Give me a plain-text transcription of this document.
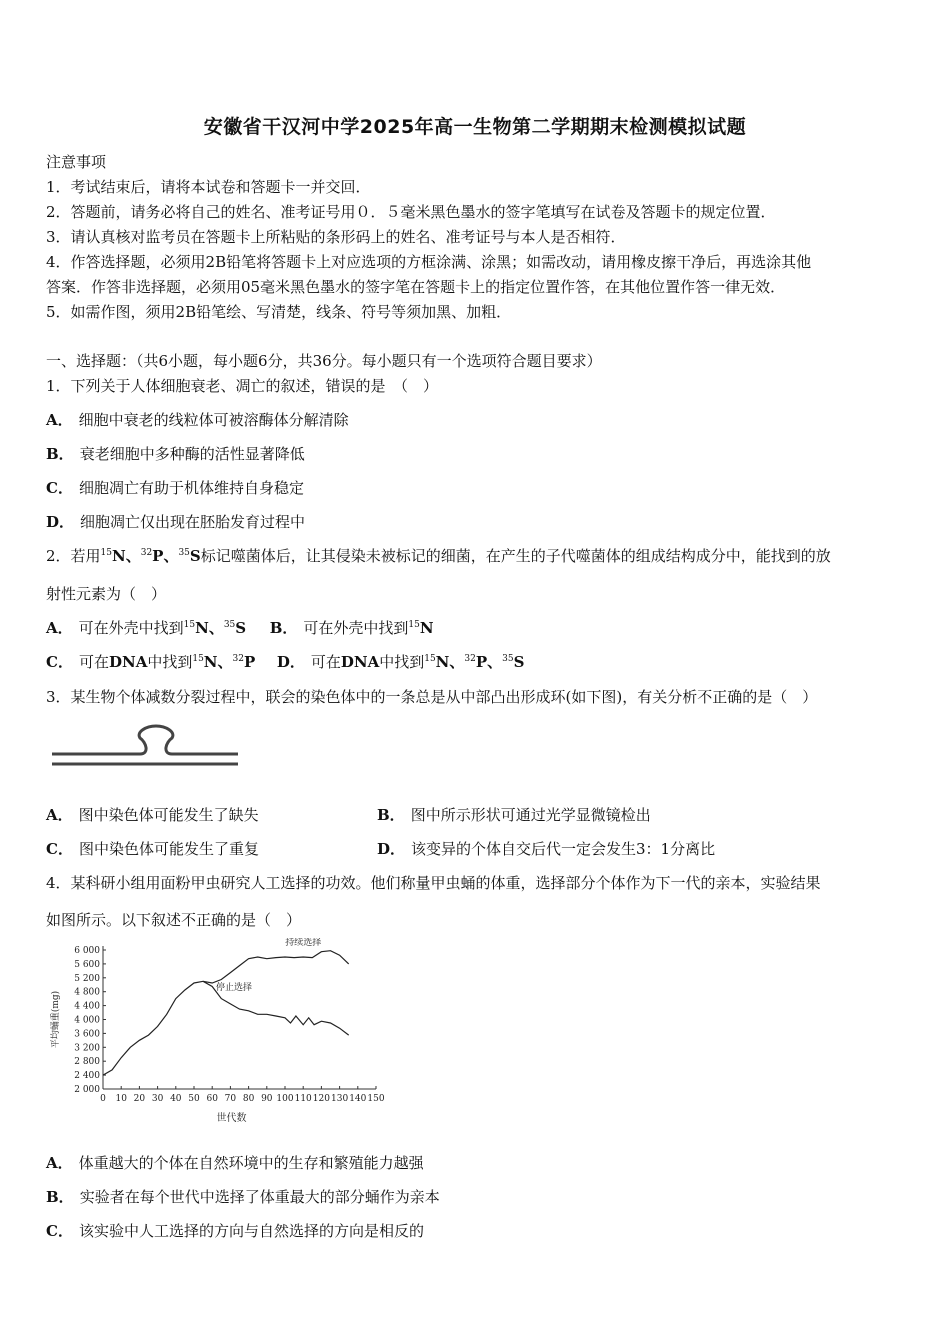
安徽省干汉河中学2025年高一生物第二学期期末检测模拟试题
注意事项
1．考试结束后，请将本试卷和答题卡一并交回．
2．答题前，请务必将自己的姓名、准考证号用０．５毫米黑色墨水的签字笔填写在试卷及答题卡的规定位置．
3．请认真核对监考员在答题卡上所粘贴的条形码上的姓名、准考证号与本人是否相符．
4．作答选择题，必须用2B铅笔将答题卡上对应选项的方框涂满、涂黑；如需改动，请用橡皮擦干净后，再选涂其他
答案．作答非选择题，必须用05毫米黑色墨水的签字笔在答题卡上的指定位置作答，在其他位置作答一律无效．
5．如需作图，须用2B铅笔绘、写清楚，线条、符号等须加黑、加粗．
一、选择题：（共6小题，每小题6分，共36分。每小题只有一个选项符合题目要求）
1．下列关于人体细胞衰老、凋亡的叙述，错误的是　（　）
A． 细胞中衰老的线粒体可被溶酶体分解清除
B． 衰老细胞中多种酶的活性显著降低
C． 细胞凋亡有助于机体维持自身稳定
D． 细胞凋亡仅出现在胚胎发育过程中
2．若用$^{15}$N、$^{32}$P、$^{35}$S标记噬菌体后，让其侵染未被标记的细菌，在产生的子代噬菌体的组成结构成分中，能找到的放
射性元素为（　）
A． 可在外壳中找到$^{15}$N、$^{35}$S B． 可在外壳中找到$^{15}$N
C． 可在DNA中找到$^{15}$N、$^{32}$P D． 可在DNA中找到$^{15}$N、$^{32}$P、$^{35}$S
3．某生物个体减数分裂过程中，联会的染色体中的一条总是从中部凸出形成环(如下图)，有关分析不正确的是（　）
A． 图中染色体可能发生了缺失	B． 图中所示形状可通过光学显微镜检出
C． 图中染色体可能发生了重复	D． 该变异的个体自交后代一定会发生3：1分离比
4．某科研小组用面粉甲虫研究人工选择的功效。他们称量甲虫蛹的体重，选择部分个体作为下一代的亲本，实验结果
如图所示。以下叙述不正确的是（　）
0 10 20 30 40 50 60 70 80 90 100 110 120 130 140 150
2 000
2 400
2 800
3 200
3 600
4 000
4 400
4 800
5 200
5 600
6 000
世代数
平均蛹重(mg)
持续选择
停止选择
A． 体重越大的个体在自然环境中的生存和繁殖能力越强
B． 实验者在每个世代中选择了体重最大的部分蛹作为亲本
C． 该实验中人工选择的方向与自然选择的方向是相反的
